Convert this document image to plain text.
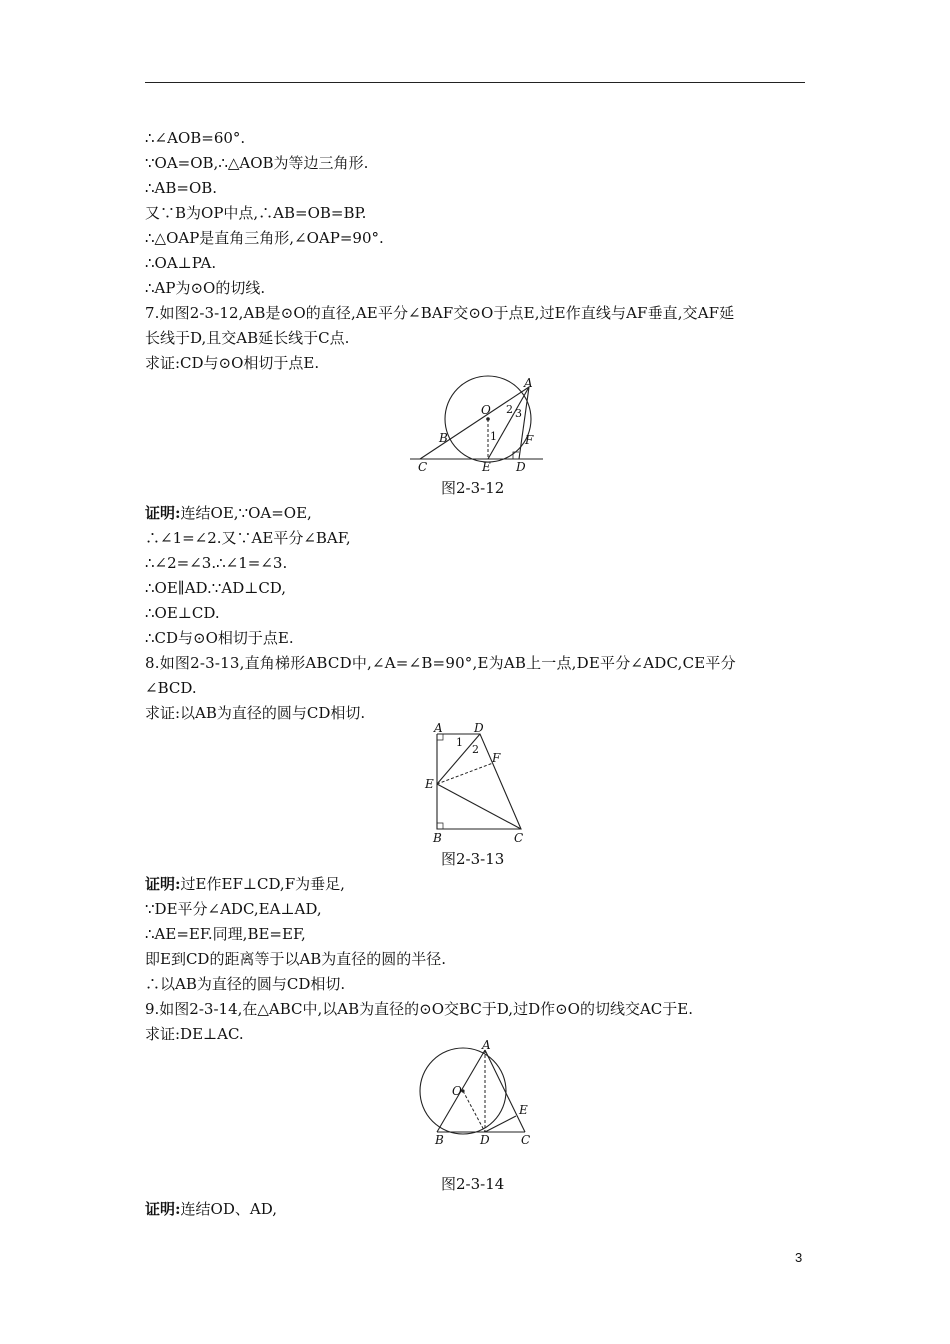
∴∠AOB=60°.
∵OA=OB,∴△AOB为等边三角形.
∴AB=OB.
又∵B为OP中点,∴AB=OB=BP.
∴△OAP是直角三角形,∠OAP=90°.
∴OA⊥PA.
∴AP为⊙O的切线.
7.如图2-3-12,AB是⊙O的直径,AE平分∠BAF交⊙O于点E,过E作直线与AF垂直,交AF延
长线于D,且交AB延长线于C点.
求证:CD与⊙O相切于点E.
A
O
B
C	E D
F
1
2 3
图2-3-12
证明:连结OE,∵OA=OE,
∴∠1=∠2.又∵AE平分∠BAF,
∴∠2=∠3.∴∠1=∠3.
∴OE∥AD.∵AD⊥CD,
∴OE⊥CD.
∴CD与⊙O相切于点E.
8.如图2-3-13,直角梯形ABCD中,∠A=∠B=90°,E为AB上一点,DE平分∠ADC,CE平分
∠BCD.
求证:以AB为直径的圆与CD相切.
A	D
E
F
B	C
1
2
图2-3-13
证明:过E作EF⊥CD,F为垂足,
∵DE平分∠ADC,EA⊥AD,
∴AE=EF.同理,BE=EF,
即E到CD的距离等于以AB为直径的圆的半径.
∴以AB为直径的圆与CD相切.
9.如图2-3-14,在△ABC中,以AB为直径的⊙O交BC于D,过D作⊙O的切线交AC于E.
求证:DE⊥AC.
A
O
E
B	D	C
图2-3-14
证明:连结OD、AD,
3
